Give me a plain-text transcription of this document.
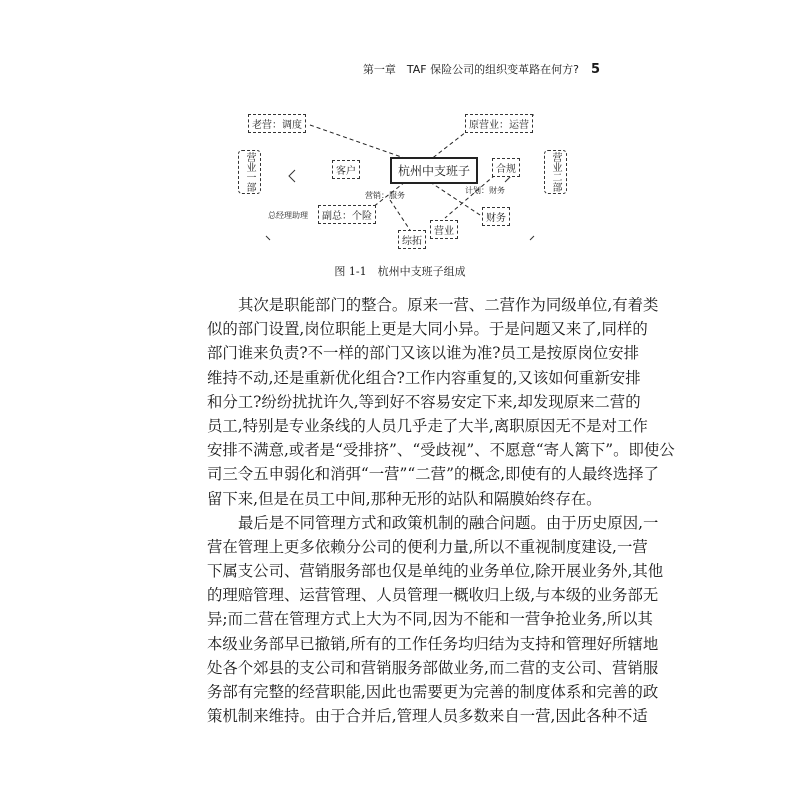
第一章　TAF 保险公司的组织变革路在何方? 5
老营：调度	原营业：运营
杭州中支班子
客户	合规
营业一部	营业二部
副总：个险
总经理助理
综拓
营业
财务
营销：服务
计划：财务
图 1-1　杭州中支班子组成
其次是职能部门的整合。原来一营、二营作为同级单位,有着类
似的部门设置,岗位职能上更是大同小异。于是问题又来了,同样的
部门谁来负责?不一样的部门又该以谁为准?员工是按原岗位安排
维持不动,还是重新优化组合?工作内容重复的,又该如何重新安排
和分工?纷纷扰扰许久,等到好不容易安定下来,却发现原来二营的
员工,特别是专业条线的人员几乎走了大半,离职原因无不是对工作
安排不满意,或者是“受排挤”、“受歧视”、不愿意“寄人篱下”。即使公
司三令五申弱化和消弭“一营”“二营”的概念,即使有的人最终选择了
留下来,但是在员工中间,那种无形的站队和隔膜始终存在。
最后是不同管理方式和政策机制的融合问题。由于历史原因,一
营在管理上更多依赖分公司的便利力量,所以不重视制度建设,一营
下属支公司、营销服务部也仅是单纯的业务单位,除开展业务外,其他
的理赔管理、运营管理、人员管理一概收归上级,与本级的业务部无
异;而二营在管理方式上大为不同,因为不能和一营争抢业务,所以其
本级业务部早已撤销,所有的工作任务均归结为支持和管理好所辖地
处各个郊县的支公司和营销服务部做业务,而二营的支公司、营销服
务部有完整的经营职能,因此也需要更为完善的制度体系和完善的政
策机制来维持。由于合并后,管理人员多数来自一营,因此各种不适
